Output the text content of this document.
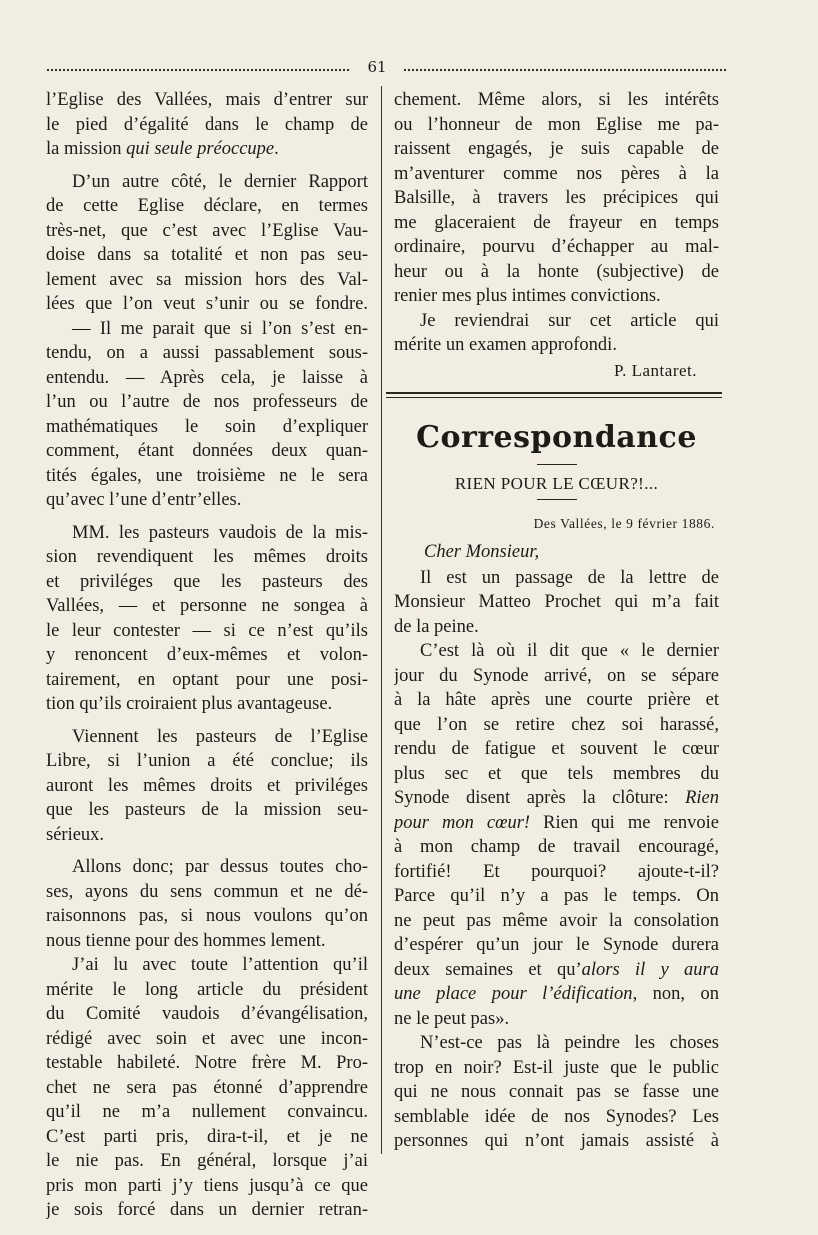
61
l’Eglise des Vallées, mais d’entrer sur
le pied d’égalité dans le champ de
la mission qui seule préoccupe.
D’un autre côté, le dernier Rapport
de cette Eglise déclare, en termes
très-net, que c’est avec l’Eglise Vau-
doise dans sa totalité et non pas seu-
lement avec sa mission hors des Val-
lées que l’on veut s’unir ou se fondre.
— Il me parait que si l’on s’est en-
tendu, on a aussi passablement sous-
entendu. — Après cela, je laisse à
l’un ou l’autre de nos professeurs de
mathématiques le soin d’expliquer
comment, étant données deux quan-
tités égales, une troisième ne le sera
qu’avec l’une d’entr’elles.
MM. les pasteurs vaudois de la mis-
sion revendiquent les mêmes droits
et priviléges que les pasteurs des
Vallées, — et personne ne songea à
le leur contester — si ce n’est qu’ils
y renoncent d’eux-mêmes et volon-
tairement, en optant pour une posi-
tion qu’ils croiraient plus avantageuse.
Viennent les pasteurs de l’Eglise
Libre, si l’union a été conclue; ils
auront les mêmes droits et priviléges
que les pasteurs de la mission seu-
sérieux.
Allons donc; par dessus toutes cho-
ses, ayons du sens commun et ne dé-
raisonnons pas, si nous voulons qu’on
nous tienne pour des hommes lement.
J’ai lu avec toute l’attention qu’il
mérite le long article du président
du Comité vaudois d’évangélisation,
rédigé avec soin et avec une incon-
testable habileté. Notre frère M. Pro-
chet ne sera pas étonné d’apprendre
qu’il ne m’a nullement convaincu.
C’est parti pris, dira-t-il, et je ne
le nie pas. En général, lorsque j’ai
pris mon parti j’y tiens jusqu’à ce que
je sois forcé dans un dernier retran-
chement. Même alors, si les intérêts
ou l’honneur de mon Eglise me pa-
raissent engagés, je suis capable de
m’aventurer comme nos pères à la
Balsille, à travers les précipices qui
me glaceraient de frayeur en temps
ordinaire, pourvu d’échapper au mal-
heur ou à la honte (subjective) de
renier mes plus intimes convictions.
Je reviendrai sur cet article qui
mérite un examen approfondi.
P. Lantaret.
Correspondance
RIEN POUR LE CŒUR?!...
Des Vallées, le 9 février 1886.
Cher Monsieur,
Il est un passage de la lettre de
Monsieur Matteo Prochet qui m’a fait
de la peine.
C’est là où il dit que « le dernier
jour du Synode arrivé, on se sépare
à la hâte après une courte prière et
que l’on se retire chez soi harassé,
rendu de fatigue et souvent le cœur
plus sec et que tels membres du
Synode disent après la clôture: Rien
pour mon cœur! Rien qui me renvoie
à mon champ de travail encouragé,
fortifié! Et pourquoi? ajoute-t-il?
Parce qu’il n’y a pas le temps. On
ne peut pas même avoir la consolation
d’espérer qu’un jour le Synode durera
deux semaines et qu’alors il y aura
une place pour l’édification, non, on
ne le peut pas».
N’est-ce pas là peindre les choses
trop en noir? Est-il juste que le public
qui ne nous connait pas se fasse une
semblable idée de nos Synodes? Les
personnes qui n’ont jamais assisté à
